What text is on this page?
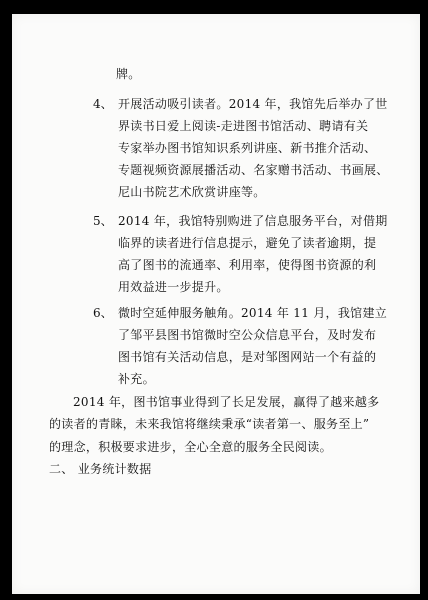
牌。
4、 开展活动吸引读者。2014 年，我馆先后举办了世
界读书日爱上阅读-走进图书馆活动、聘请有关
专家举办图书馆知识系列讲座、新书推介活动、
专题视频资源展播活动、名家赠书活动、书画展、
尼山书院艺术欣赏讲座等。
5、 2014 年，我馆特别购进了信息服务平台，对借期
临界的读者进行信息提示，避免了读者逾期，提
高了图书的流通率、利用率，使得图书资源的利
用效益进一步提升。
6、 微时空延伸服务触角。2014 年 11 月，我馆建立
了邹平县图书馆微时空公众信息平台，及时发布
图书馆有关活动信息，是对邹图网站一个有益的
补充。
2014 年，图书馆事业得到了长足发展，赢得了越来越多
的读者的青睐，未来我馆将继续秉承“读者第一、服务至上”
的理念，积极要求进步，全心全意的服务全民阅读。
二、 业务统计数据
